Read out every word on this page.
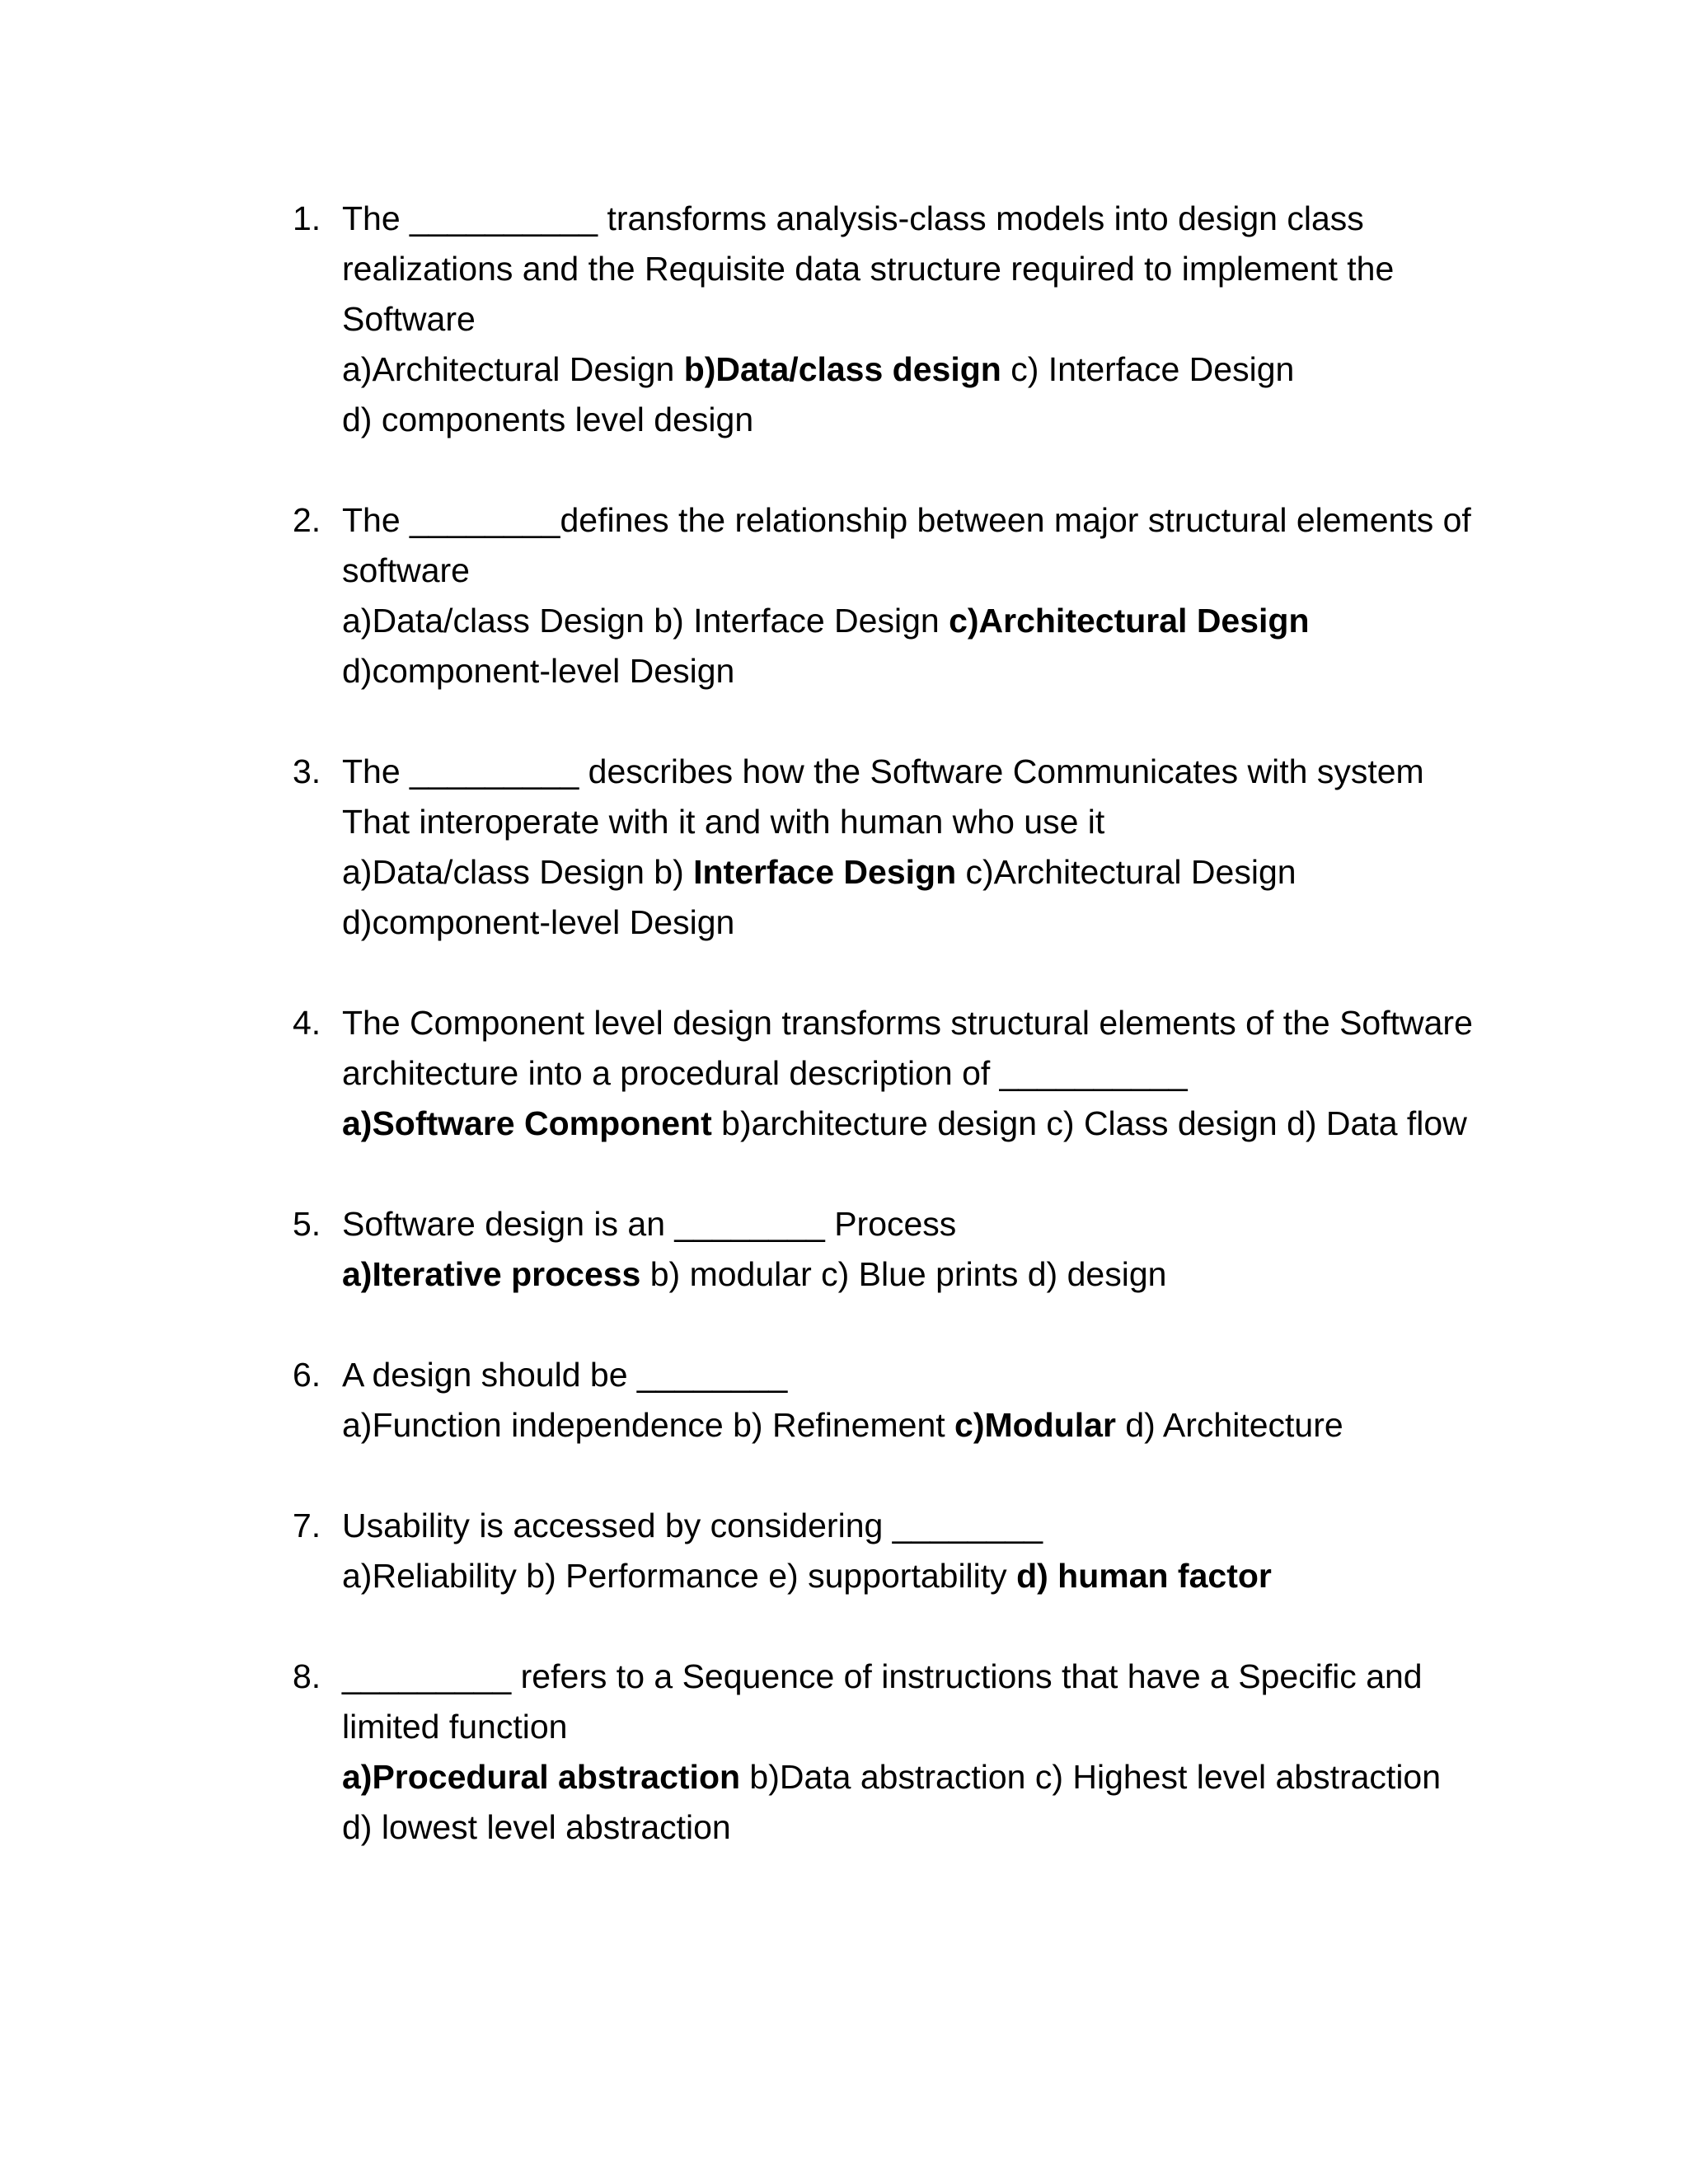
1. The __________ transforms analysis-class models into design class realizations and the Requisite data structure required to implement the Software
a)Architectural Design b)Data/class design c) Interface Design
d) components level design
2. The ________defines the relationship between major structural elements of software
a)Data/class Design b) Interface Design c)Architectural Design
d)component-level Design
3. The _________ describes how the Software Communicates with system That interoperate with it and with human who use it
a)Data/class Design b) Interface Design c)Architectural Design
d)component-level Design
4. The Component level design transforms structural elements of the Software architecture into a procedural description of __________
a)Software Component b)architecture design c) Class design d) Data flow
5. Software design is an ________ Process
a)Iterative process b) modular c) Blue prints d) design
6. A design should be ________
a)Function independence b) Refinement c)Modular d) Architecture
7. Usability is accessed by considering ________
a)Reliability b) Performance e) supportability d) human factor
8. _________ refers to a Sequence of instructions that have a Specific and limited function
a)Procedural abstraction b)Data abstraction c) Highest level abstraction
d) lowest level abstraction
